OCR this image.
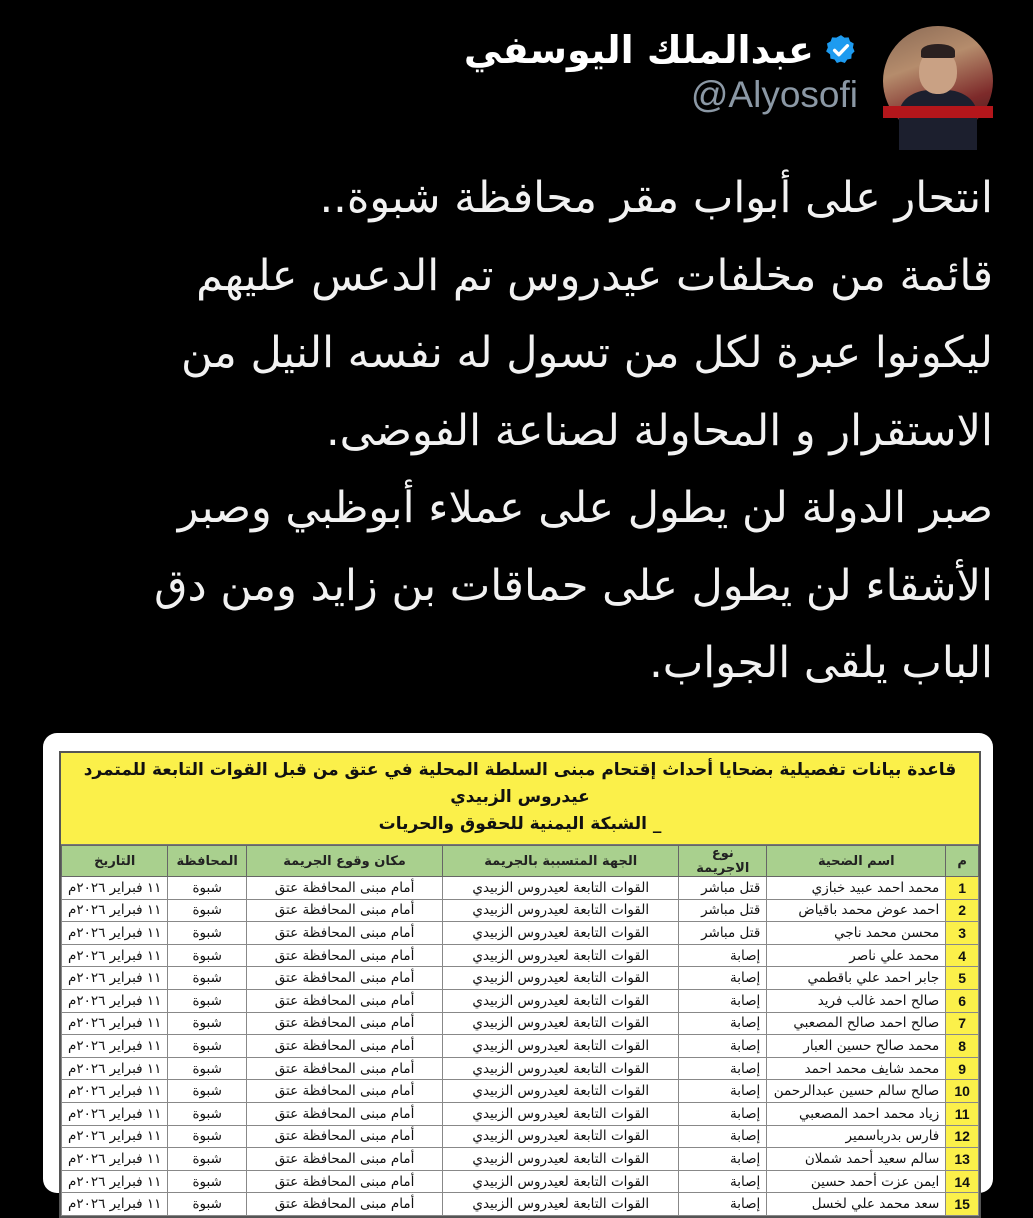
عبدالملك اليوسفي
@Alyosofi
انتحار على أبواب مقر محافظة شبوة..
قائمة من مخلفات عيدروس تم الدعس عليهم
ليكونوا عبرة لكل من تسول له نفسه النيل من
الاستقرار و المحاولة لصناعة الفوضى.
صبر الدولة لن يطول على عملاء أبوظبي وصبر
الأشقاء لن يطول على حماقات بن زايد ومن دق
الباب يلقى الجواب.
قاعدة بيانات تفصيلية بضحايا أحداث إقتحام مبنى السلطة المحلية في عتق من قبل القوات التابعة للمتمرد عيدروس الزبيدي
_ الشبكة اليمنية للحقوق والحريات
م	اسم الضحية	نوع الاجريمة	الجهة المتسببة بالجريمة	مكان وقوع الجريمة	المحافظة	التاريخ
1	محمد احمد عبيد خبازي	قتل مباشر	القوات التابعة لعيدروس الزبيدي	أمام مبنى المحافظة عتق	شبوة	١١ فبراير ٢٠٢٦م
2	احمد عوض محمد باقياض	قتل مباشر	القوات التابعة لعيدروس الزبيدي	أمام مبنى المحافظة عتق	شبوة	١١ فبراير ٢٠٢٦م
3	محسن محمد ناجي	قتل مباشر	القوات التابعة لعيدروس الزبيدي	أمام مبنى المحافظة عتق	شبوة	١١ فبراير ٢٠٢٦م
4	محمد علي ناصر	إصابة	القوات التابعة لعيدروس الزبيدي	أمام مبنى المحافظة عتق	شبوة	١١ فبراير ٢٠٢٦م
5	جابر احمد علي باقطمي	إصابة	القوات التابعة لعيدروس الزبيدي	أمام مبنى المحافظة عتق	شبوة	١١ فبراير ٢٠٢٦م
6	صالح احمد غالب فريد	إصابة	القوات التابعة لعيدروس الزبيدي	أمام مبنى المحافظة عتق	شبوة	١١ فبراير ٢٠٢٦م
7	صالح احمد صالح المصعبي	إصابة	القوات التابعة لعيدروس الزبيدي	أمام مبنى المحافظة عتق	شبوة	١١ فبراير ٢٠٢٦م
8	محمد صالح حسين العبار	إصابة	القوات التابعة لعيدروس الزبيدي	أمام مبنى المحافظة عتق	شبوة	١١ فبراير ٢٠٢٦م
9	محمد شايف محمد احمد	إصابة	القوات التابعة لعيدروس الزبيدي	أمام مبنى المحافظة عتق	شبوة	١١ فبراير ٢٠٢٦م
10	صالح سالم حسين عبدالرحمن	إصابة	القوات التابعة لعيدروس الزبيدي	أمام مبنى المحافظة عتق	شبوة	١١ فبراير ٢٠٢٦م
11	زياد محمد احمد المصعبي	إصابة	القوات التابعة لعيدروس الزبيدي	أمام مبنى المحافظة عتق	شبوة	١١ فبراير ٢٠٢٦م
12	فارس بدرباسمير	إصابة	القوات التابعة لعيدروس الزبيدي	أمام مبنى المحافظة عتق	شبوة	١١ فبراير ٢٠٢٦م
13	سالم سعيد أحمد شملان	إصابة	القوات التابعة لعيدروس الزبيدي	أمام مبنى المحافظة عتق	شبوة	١١ فبراير ٢٠٢٦م
14	ايمن عزت أحمد حسين	إصابة	القوات التابعة لعيدروس الزبيدي	أمام مبنى المحافظة عتق	شبوة	١١ فبراير ٢٠٢٦م
15	سعد محمد علي لخسل	إصابة	القوات التابعة لعيدروس الزبيدي	أمام مبنى المحافظة عتق	شبوة	١١ فبراير ٢٠٢٦م
